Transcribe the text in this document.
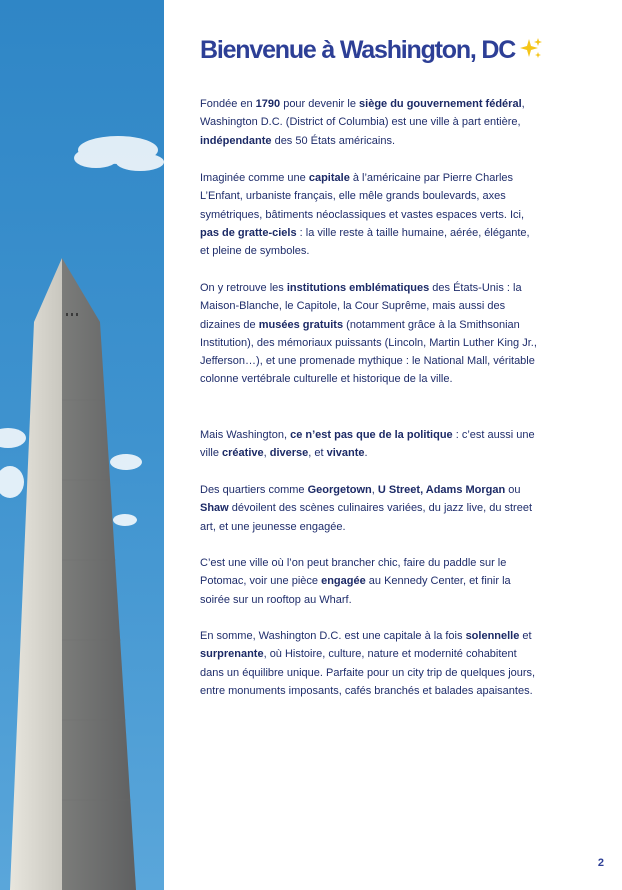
Bienvenue à Washington, DC

Fondée en 1790 pour devenir le siège du gouvernement fédéral, Washington D.C. (District of Columbia) est une ville à part entière, indépendante des 50 États américains.

Imaginée comme une capitale à l’américaine par Pierre Charles L’Enfant, urbaniste français, elle mêle grands boulevards, axes symétriques, bâtiments néoclassiques et vastes espaces verts. Ici, pas de gratte-ciels : la ville reste à taille humaine, aérée, élégante, et pleine de symboles.

On y retrouve les institutions emblématiques des États-Unis : la Maison-Blanche, le Capitole, la Cour Suprême, mais aussi des dizaines de musées gratuits (notamment grâce à la Smithsonian Institution), des mémoriaux puissants (Lincoln, Martin Luther King Jr., Jefferson…), et une promenade mythique : le National Mall, véritable colonne vertébrale culturelle et historique de la ville.

Mais Washington, ce n’est pas que de la politique : c’est aussi une ville créative, diverse, et vivante.

Des quartiers comme Georgetown, U Street, Adams Morgan ou Shaw dévoilent des scènes culinaires variées, du jazz live, du street art, et une jeunesse engagée.

C’est une ville où l’on peut brancher chic, faire du paddle sur le Potomac, voir une pièce engagée au Kennedy Center, et finir la soirée sur un rooftop au Wharf.

En somme, Washington D.C. est une capitale à la fois solennelle et surprenante, où Histoire, culture, nature et modernité cohabitent dans un équilibre unique. Parfaite pour un city trip de quelques jours, entre monuments imposants, cafés branchés et balades apaisantes.

2
